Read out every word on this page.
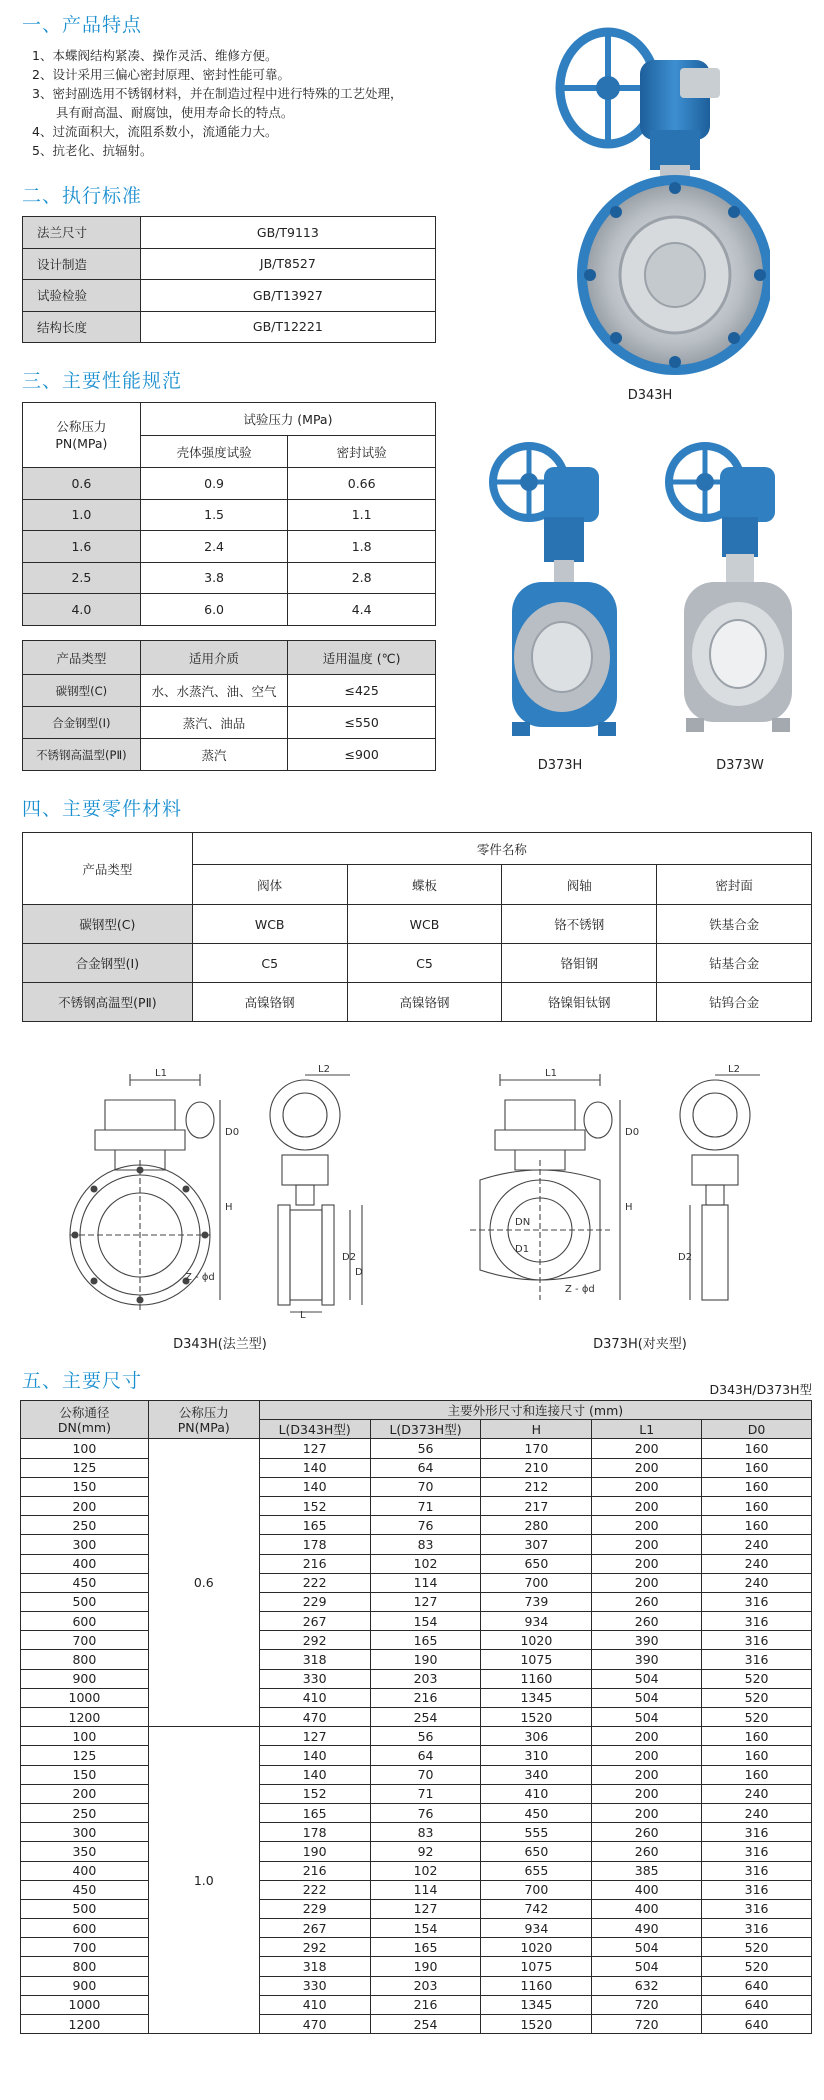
一、产品特点
1、本蝶阀结构紧凑、操作灵活、维修方便。
2、设计采用三偏心密封原理、密封性能可靠。
3、密封副选用不锈钢材料，并在制造过程中进行特殊的工艺处理，
具有耐高温、耐腐蚀，使用寿命长的特点。
4、过流面积大，流阻系数小，流通能力大。
5、抗老化、抗辐射。
二、执行标准
法兰尺寸	GB/T9113
设计制造	JB/T8527
试验检验	GB/T13927
结构长度	GB/T12221
三、主要性能规范
公称压力
PN(MPa)	试验压力 (MPa)	
	壳体强度试验	密封试验
0.6	0.9	0.66
1.0	1.5	1.1
1.6	2.4	1.8
2.5	3.8	2.8
4.0	6.0	4.4
产品类型	适用介质	适用温度 (℃)
碳钢型(C)	水、水蒸汽、油、空气	≤425
合金钢型(Ⅰ)	蒸汽、油品	≤550
不锈钢高温型(PⅡ)	蒸汽	≤900
D343H
D373H	D373W
四、主要零件材料
产品类型	零件名称			
	阀体	蝶板	阀轴	密封面
碳钢型(C)	WCB	WCB	铬不锈钢	铁基合金
合金钢型(Ⅰ)	C5	C5	铬钼钢	钴基合金
不锈钢高温型(PⅡ)	高镍铬钢	高镍铬钢	铬镍钼钛钢	钴钨合金
L1
D0
H
L2
D2
D
L
Z - ϕd
D343H(法兰型)
L1
D0
H
L2
D2
DN
D1
Z - ϕd
D373H(对夹型)
五、主要尺寸	D343H/D373H型
公称通径
DN(mm)	公称压力
PN(MPa)	主要外形尺寸和连接尺寸 (mm)				
		L(D343H型)	L(D373H型)	H	L1	D0
100	0.6	127	56	170	200	160
125		140	64	210	200	160
150		140	70	212	200	160
200		152	71	217	200	160
250		165	76	280	200	160
300		178	83	307	200	240
400		216	102	650	200	240
450		222	114	700	200	240
500		229	127	739	260	316
600		267	154	934	260	316
700		292	165	1020	390	316
800		318	190	1075	390	316
900		330	203	1160	504	520
1000		410	216	1345	504	520
1200		470	254	1520	504	520
100	1.0	127	56	306	200	160
125		140	64	310	200	160
150		140	70	340	200	160
200		152	71	410	200	240
250		165	76	450	200	240
300		178	83	555	260	316
350		190	92	650	260	316
400		216	102	655	385	316
450		222	114	700	400	316
500		229	127	742	400	316
600		267	154	934	490	316
700		292	165	1020	504	520
800		318	190	1075	504	520
900		330	203	1160	632	640
1000		410	216	1345	720	640
1200		470	254	1520	720	640
